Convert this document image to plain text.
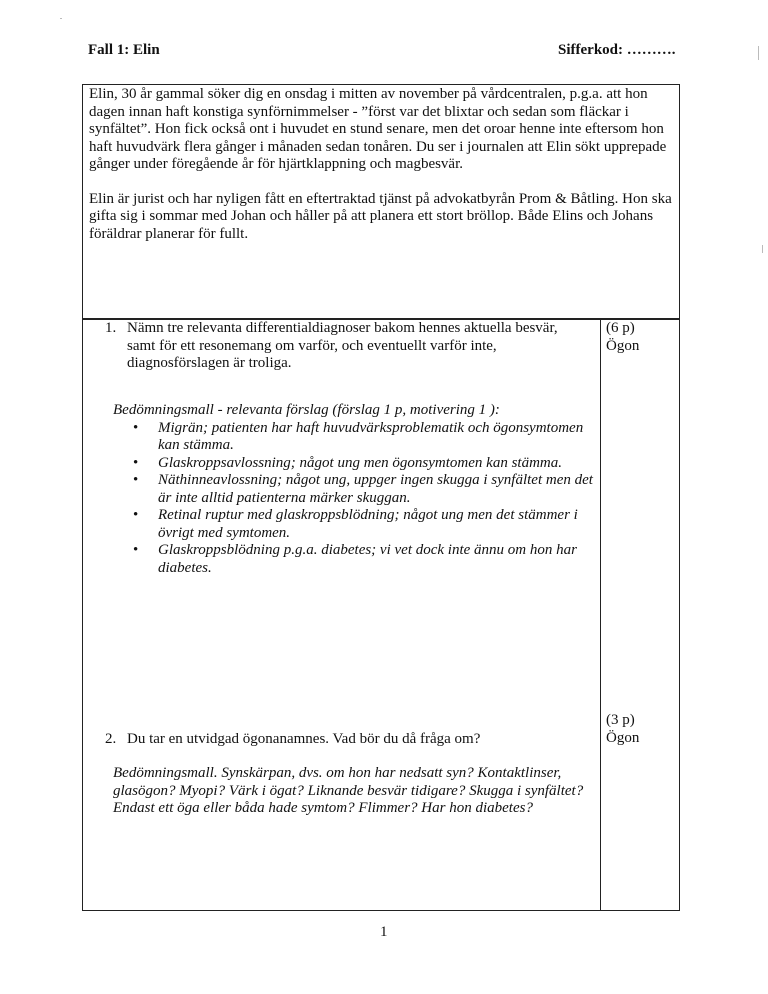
Fall 1: Elin	Sifferkod: ……….

Elin, 30 år gammal söker dig en onsdag i mitten av november på vårdcentralen, p.g.a. att hon dagen innan haft konstiga synförnimmelser - ”först var det blixtar och sedan som fläckar i synfältet”. Hon fick också ont i huvudet en stund senare, men det oroar henne inte eftersom hon haft huvudvärk flera gånger i månaden sedan tonåren. Du ser i journalen att Elin sökt upprepade gånger under föregående år för hjärtklappning och magbesvär.

Elin är jurist och har nyligen fått en eftertraktad tjänst på advokatbyrån Prom & Båtling. Hon ska gifta sig i sommar med Johan och håller på att planera ett stort bröllop. Både Elins och Johans föräldrar planerar för fullt.

1. Nämn tre relevanta differentialdiagnoser bakom hennes aktuella besvär, samt för ett resonemang om varför, och eventuellt varför inte, diagnosförslagen är troliga.
(6 p)
Ögon
Bedömningsmall - relevanta förslag (förslag 1 p, motivering 1 ):
• Migrän; patienten har haft huvudvärksproblematik och ögonsymtomen kan stämma.
• Glaskroppsavlossning; något ung men ögonsymtomen kan stämma.
• Näthinneavlossning; något ung, uppger ingen skugga i synfältet men det är inte alltid patienterna märker skuggan.
• Retinal ruptur med glaskroppsblödning; något ung men det stämmer i övrigt med symtomen.
• Glaskroppsblödning p.g.a. diabetes; vi vet dock inte ännu om hon har diabetes.
(3 p)
Ögon
2. Du tar en utvidgad ögonanamnes. Vad bör du då fråga om?
Bedömningsmall. Synskärpan, dvs. om hon har nedsatt syn? Kontaktlinser, glasögon? Myopi? Värk i ögat? Liknande besvär tidigare? Skugga i synfältet? Endast ett öga eller båda hade symtom? Flimmer? Har hon diabetes?
1
